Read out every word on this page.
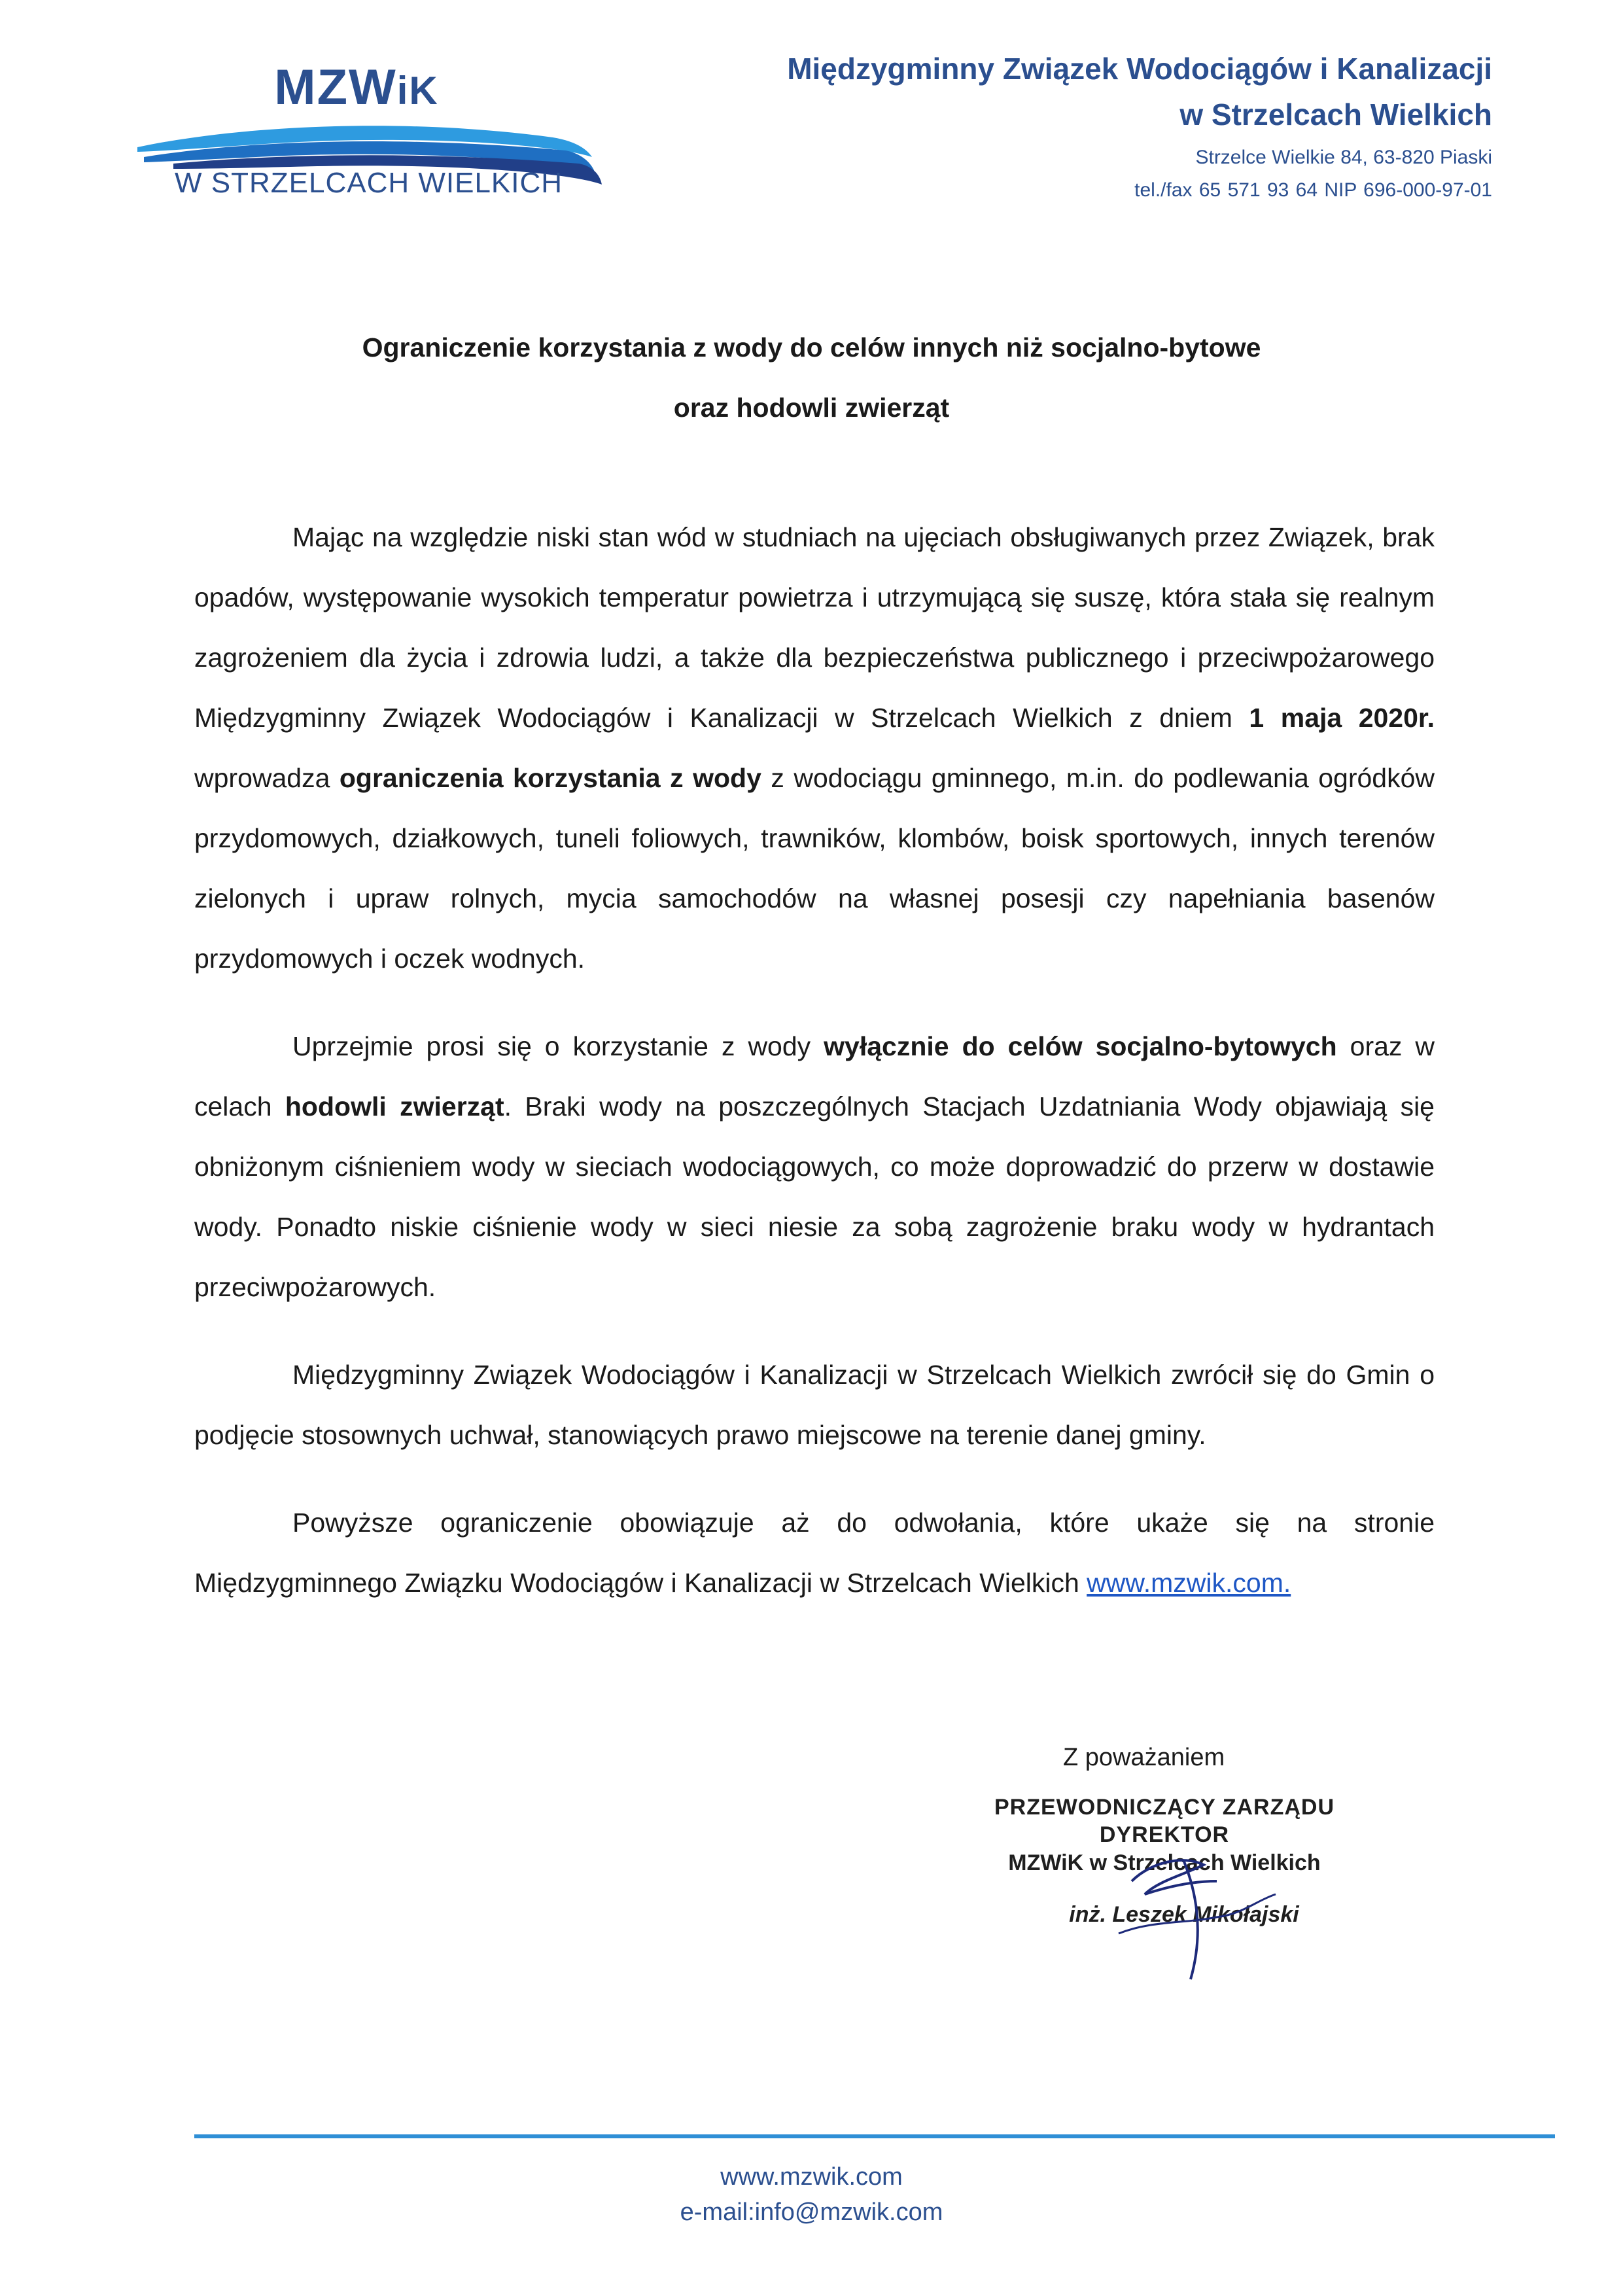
MZWiK
W STRZELCACH WIELKICH
Międzygminny Związek Wodociągów i Kanalizacji
w Strzelcach Wielkich
Strzelce Wielkie 84, 63-820 Piaski
tel./fax 65 571 93 64 NIP 696-000-97-01
Ograniczenie korzystania z wody do celów innych niż socjalno-bytowe
oraz hodowli zwierząt

Mając na względzie niski stan wód w studniach na ujęciach obsługiwanych przez Związek, brak opadów, występowanie wysokich temperatur powietrza i utrzymującą się suszę, która stała się realnym zagrożeniem dla życia i zdrowia ludzi, a także dla bezpieczeństwa publicznego i przeciwpożarowego Międzygminny Związek Wodociągów i Kanalizacji w Strzelcach Wielkich z dniem 1 maja 2020r. wprowadza ograniczenia korzystania z wody z wodociągu gminnego, m.in. do podlewania ogródków przydomowych, działkowych, tuneli foliowych, trawników, klombów, boisk sportowych, innych terenów zielonych i upraw rolnych, mycia samochodów na własnej posesji czy napełniania basenów przydomowych i oczek wodnych.

Uprzejmie prosi się o korzystanie z wody wyłącznie do celów socjalno-bytowych oraz w celach hodowli zwierząt. Braki wody na poszczególnych Stacjach Uzdatniania Wody objawiają się obniżonym ciśnieniem wody w sieciach wodociągowych, co może doprowadzić do przerw w dostawie wody. Ponadto niskie ciśnienie wody w sieci niesie za sobą zagrożenie braku wody w hydrantach przeciwpożarowych.

Międzygminny Związek Wodociągów i Kanalizacji w Strzelcach Wielkich zwrócił się do Gmin o podjęcie stosownych uchwał, stanowiących prawo miejscowe na terenie danej gminy.

Powyższe ograniczenie obowiązuje aż do odwołania, które ukaże się na stronie Międzygminnego Związku Wodociągów i Kanalizacji w Strzelcach Wielkich www.mzwik.com.

Z poważaniem
PRZEWODNICZĄCY ZARZĄDU
DYREKTOR
MZWiK w Strzelcach Wielkich
inż. Leszek Mikołajski
www.mzwik.com
e-mail:info@mzwik.com
